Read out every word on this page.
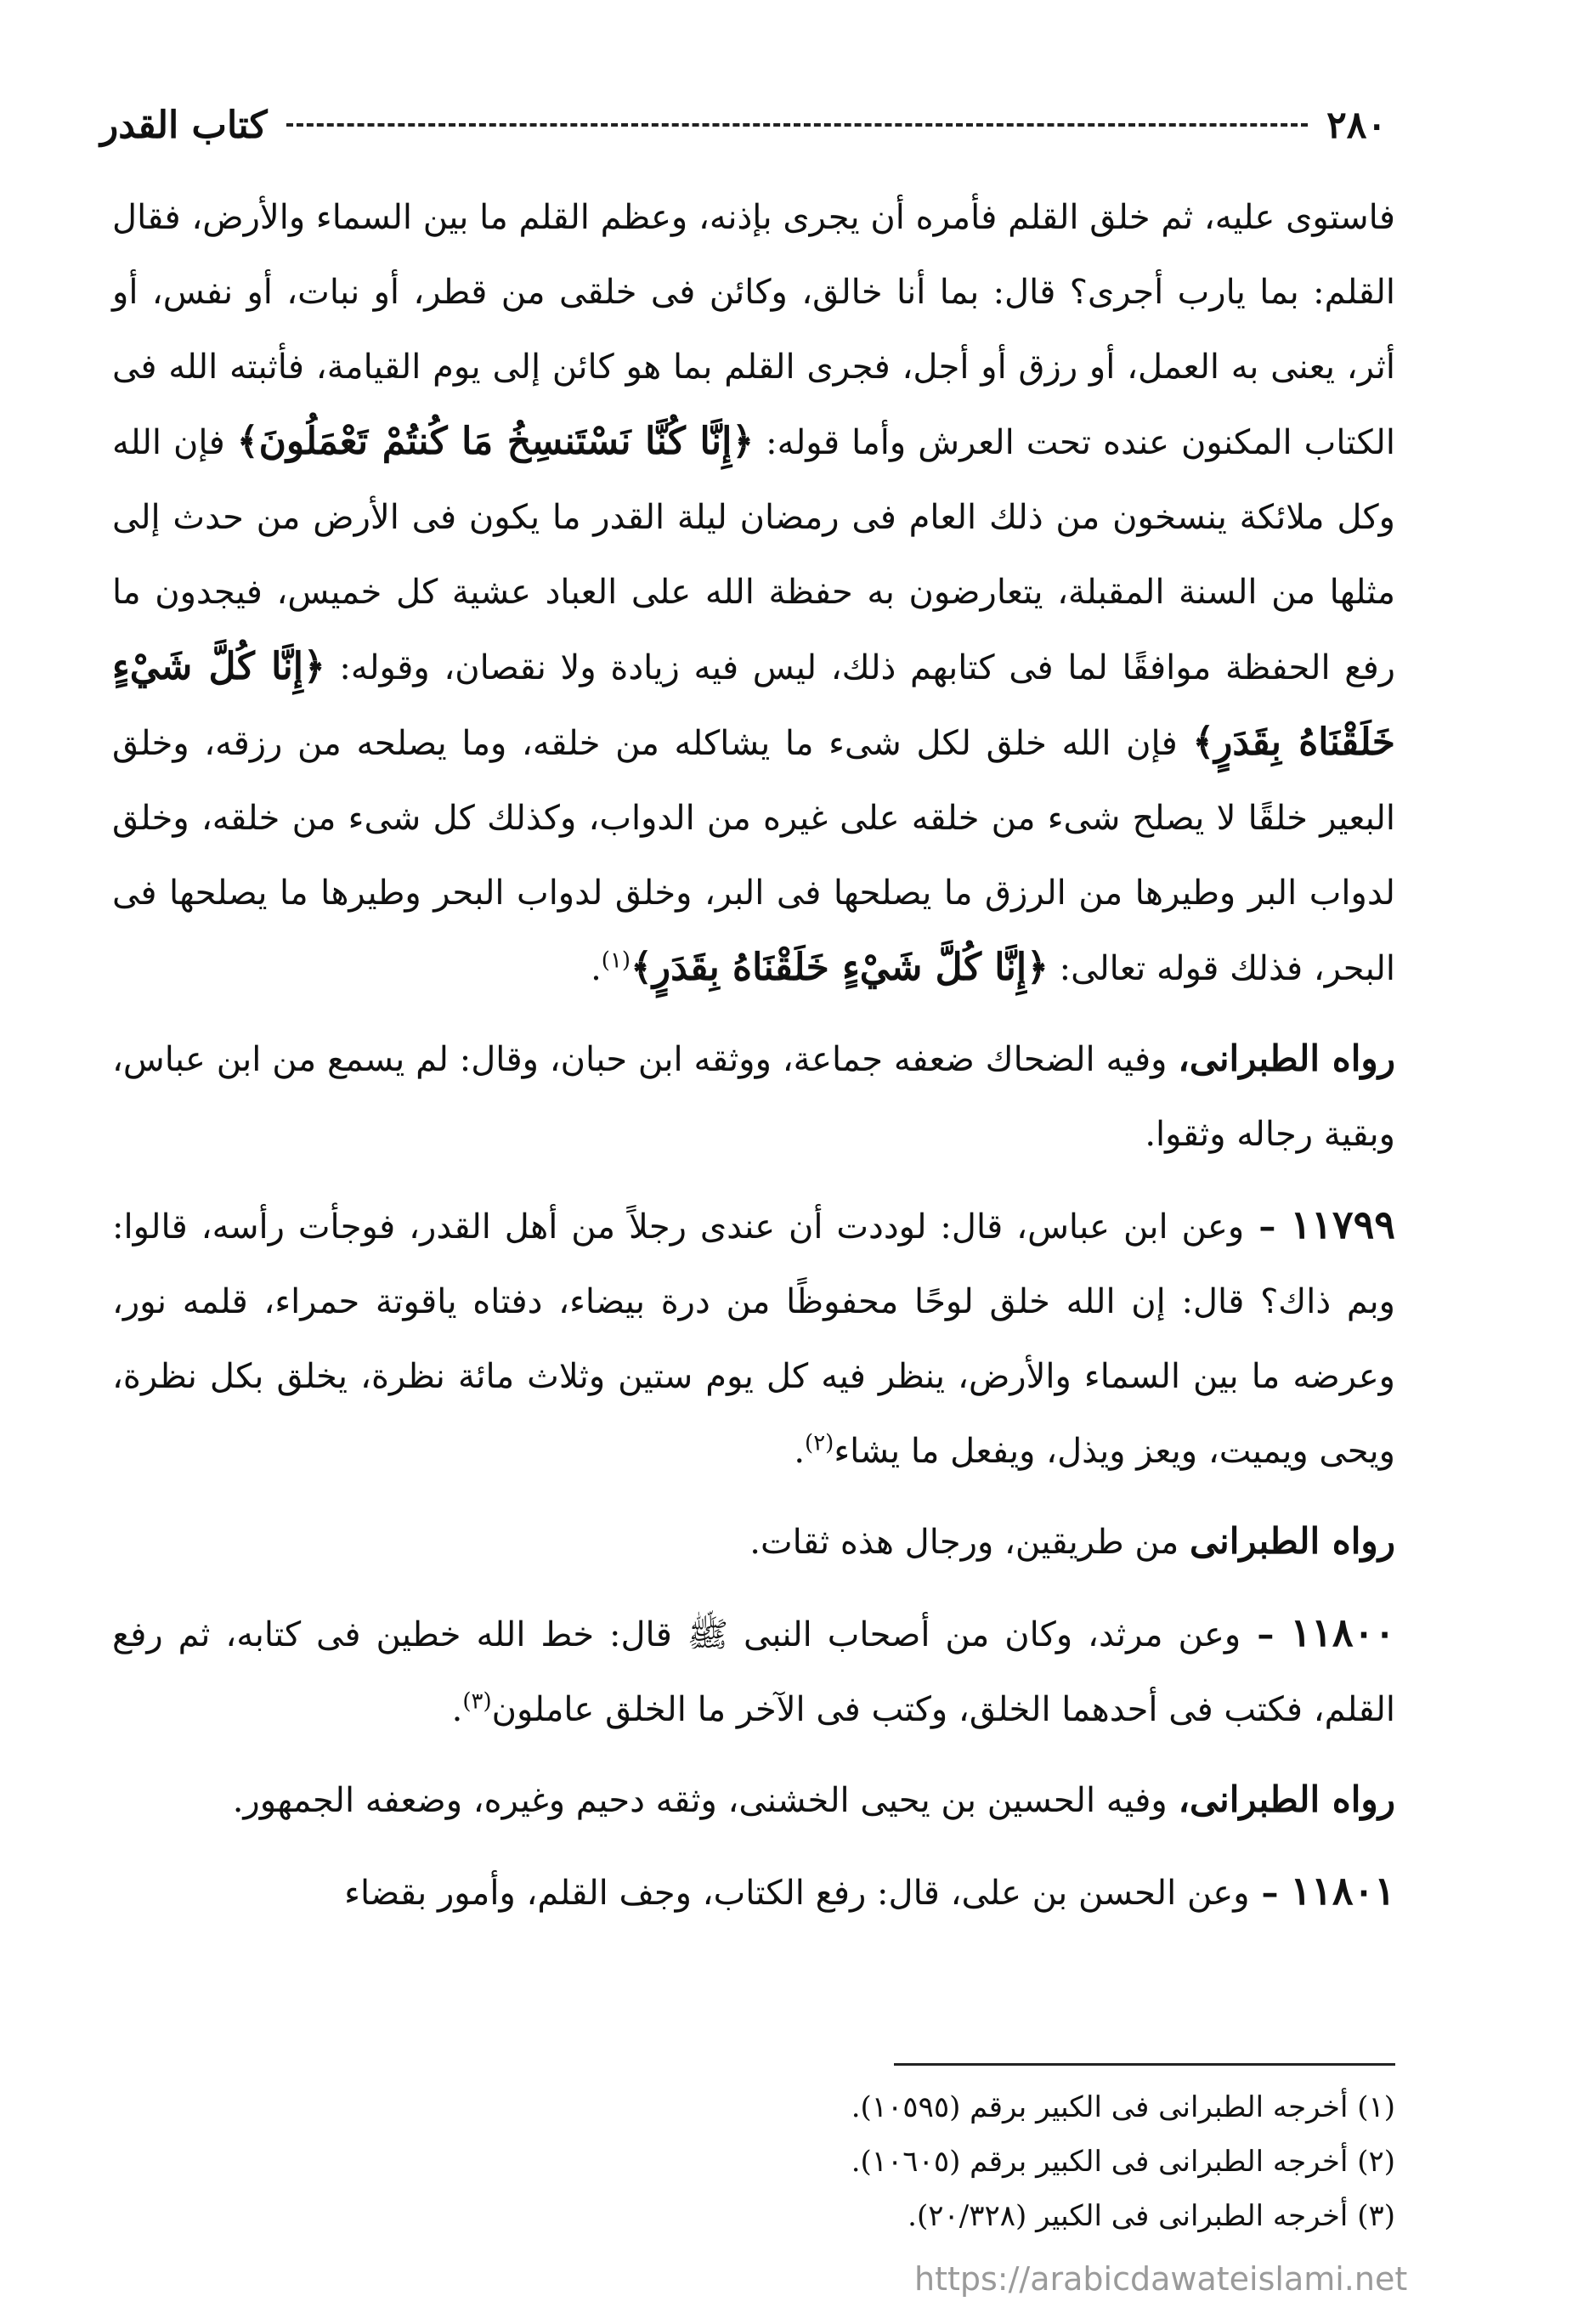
٢٨٠
كتاب القدر

فاستوى عليه، ثم خلق القلم فأمره أن يجرى بإذنه، وعظم القلم ما بين السماء والأرض، فقال القلم: بما يارب أجرى؟ قال: بما أنا خالق، وكائن فى خلقى من قطر، أو نبات، أو نفس، أو أثر، يعنى به العمل، أو رزق أو أجل، فجرى القلم بما هو كائن إلى يوم القيامة، فأثبته الله فى الكتاب المكنون عنده تحت العرش وأما قوله: ﴿إِنَّا كُنَّا نَسْتَنسِخُ مَا كُنتُمْ تَعْمَلُونَ﴾ فإن الله وكل ملائكة ينسخون من ذلك العام فى رمضان ليلة القدر ما يكون فى الأرض من حدث إلى مثلها من السنة المقبلة، يتعارضون به حفظة الله على العباد عشية كل خميس، فيجدون ما رفع الحفظة موافقًا لما فى كتابهم ذلك، ليس فيه زيادة ولا نقصان، وقوله: ﴿إِنَّا كُلَّ شَيْءٍ خَلَقْنَاهُ بِقَدَرٍ﴾ فإن الله خلق لكل شىء ما يشاكله من خلقه، وما يصلحه من رزقه، وخلق البعير خلقًا لا يصلح شىء من خلقه على غيره من الدواب، وكذلك كل شىء من خلقه، وخلق لدواب البر وطيرها من الرزق ما يصلحها فى البر، وخلق لدواب البحر وطيرها ما يصلحها فى البحر، فذلك قوله تعالى: ﴿إِنَّا كُلَّ شَيْءٍ خَلَقْنَاهُ بِقَدَرٍ﴾$^{(١)}$.

رواه الطبرانى، وفيه الضحاك ضعفه جماعة، ووثقه ابن حبان، وقال: لم يسمع من ابن عباس، وبقية رجاله وثقوا.

١١٧٩٩ – وعن ابن عباس، قال: لوددت أن عندى رجلاً من أهل القدر، فوجأت رأسه، قالوا: وبم ذاك؟ قال: إن الله خلق لوحًا محفوظًا من درة بيضاء، دفتاه ياقوتة حمراء، قلمه نور، وعرضه ما بين السماء والأرض، ينظر فيه كل يوم ستين وثلاث مائة نظرة، يخلق بكل نظرة، ويحى ويميت، ويعز ويذل، ويفعل ما يشاء$^{(٢)}$.

رواه الطبرانى من طريقين، ورجال هذه ثقات.

١١٨٠٠ – وعن مرثد، وكان من أصحاب النبى ﷺ قال: خط الله خطين فى كتابه، ثم رفع القلم، فكتب فى أحدهما الخلق، وكتب فى الآخر ما الخلق عاملون$^{(٣)}$.

رواه الطبرانى، وفيه الحسين بن يحيى الخشنى، وثقه دحيم وغيره، وضعفه الجمهور.

١١٨٠١ – وعن الحسن بن على، قال: رفع الكتاب، وجف القلم، وأمور بقضاء

(١) أخرجه الطبرانى فى الكبير برقم (١٠٥٩٥).

(٢) أخرجه الطبرانى فى الكبير برقم (١٠٦٠٥).

(٣) أخرجه الطبرانى فى الكبير (٢٠/٣٢٨).

https://arabicdawateislami.net
